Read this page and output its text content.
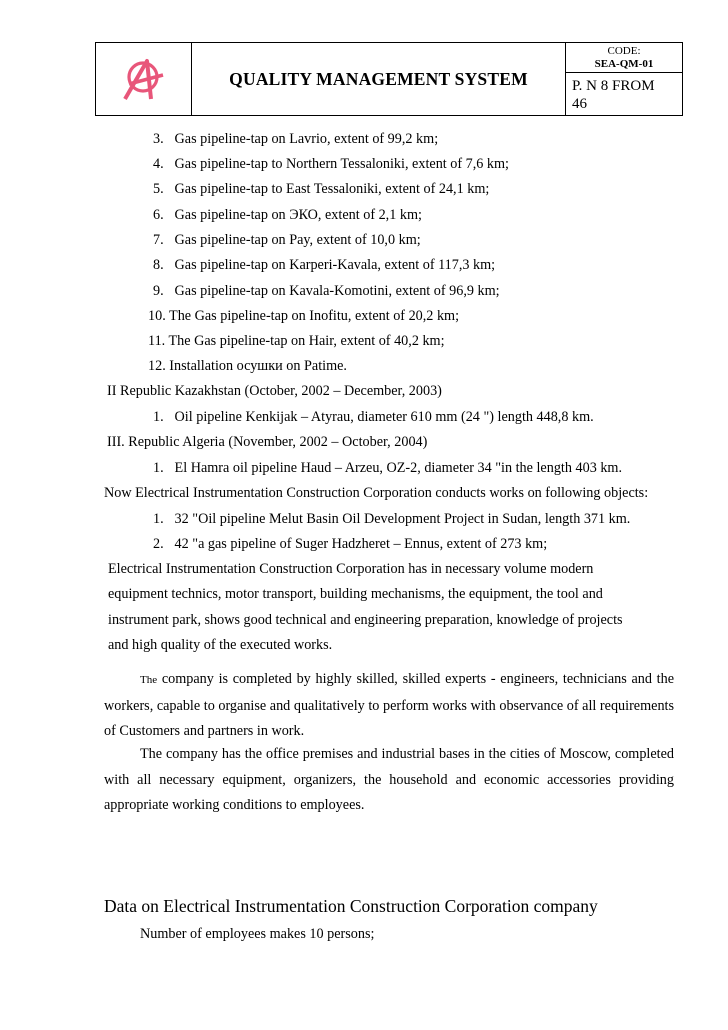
QUALITY MANAGEMENT SYSTEM
CODE:
SEA-QM-01
P. N 8 FROM
46
3. Gas pipeline-tap on Lavrio, extent of 99,2 km;
4. Gas pipeline-tap to Northern Tessaloniki, extent of 7,6 km;
5. Gas pipeline-tap to East Tessaloniki, extent of 24,1 km;
6. Gas pipeline-tap on ЭКО, extent of 2,1 km;
7. Gas pipeline-tap on Pay, extent of 10,0 km;
8. Gas pipeline-tap on Karperi-Kavala, extent of 117,3 km;
9. Gas pipeline-tap on Kavala-Komotini, extent of 96,9 km;
10. The Gas pipeline-tap on Inofitu, extent of 20,2 km;
11. The Gas pipeline-tap on Hair, extent of 40,2 km;
12. Installation осушки on Patime.
II Republic Kazakhstan (October, 2002 – December, 2003)
1. Oil pipeline Kenkijak – Atyrau, diameter 610 mm (24 ") length 448,8 km.
III. Republic Algeria (November, 2002 – October, 2004)
1. El Hamra oil pipeline Haud – Arzeu, OZ-2, diameter 34 "in the length 403 km.
Now Electrical Instrumentation Construction Corporation conducts works on following objects:
1. 32 "Oil pipeline Melut Basin Oil Development Project in Sudan, length 371 km.
2. 42 "a gas pipeline of Suger Hadzheret – Ennus, extent of 273 km;
Electrical Instrumentation Construction Corporation has in necessary volume modern
equipment technics, motor transport, building mechanisms, the equipment, the tool and
instrument park, shows good technical and engineering preparation, knowledge of projects
and high quality of the executed works.
The company is completed by highly skilled, skilled experts - engineers, technicians and the workers, capable to organise and qualitatively to perform works with observance of all requirements of Customers and partners in work.
The company has the office premises and industrial bases in the cities of Moscow, completed with all necessary equipment, organizers, the household and economic accessories providing appropriate working conditions to employees.
Data on Electrical Instrumentation Construction Corporation company
Number of employees makes 10 persons;
